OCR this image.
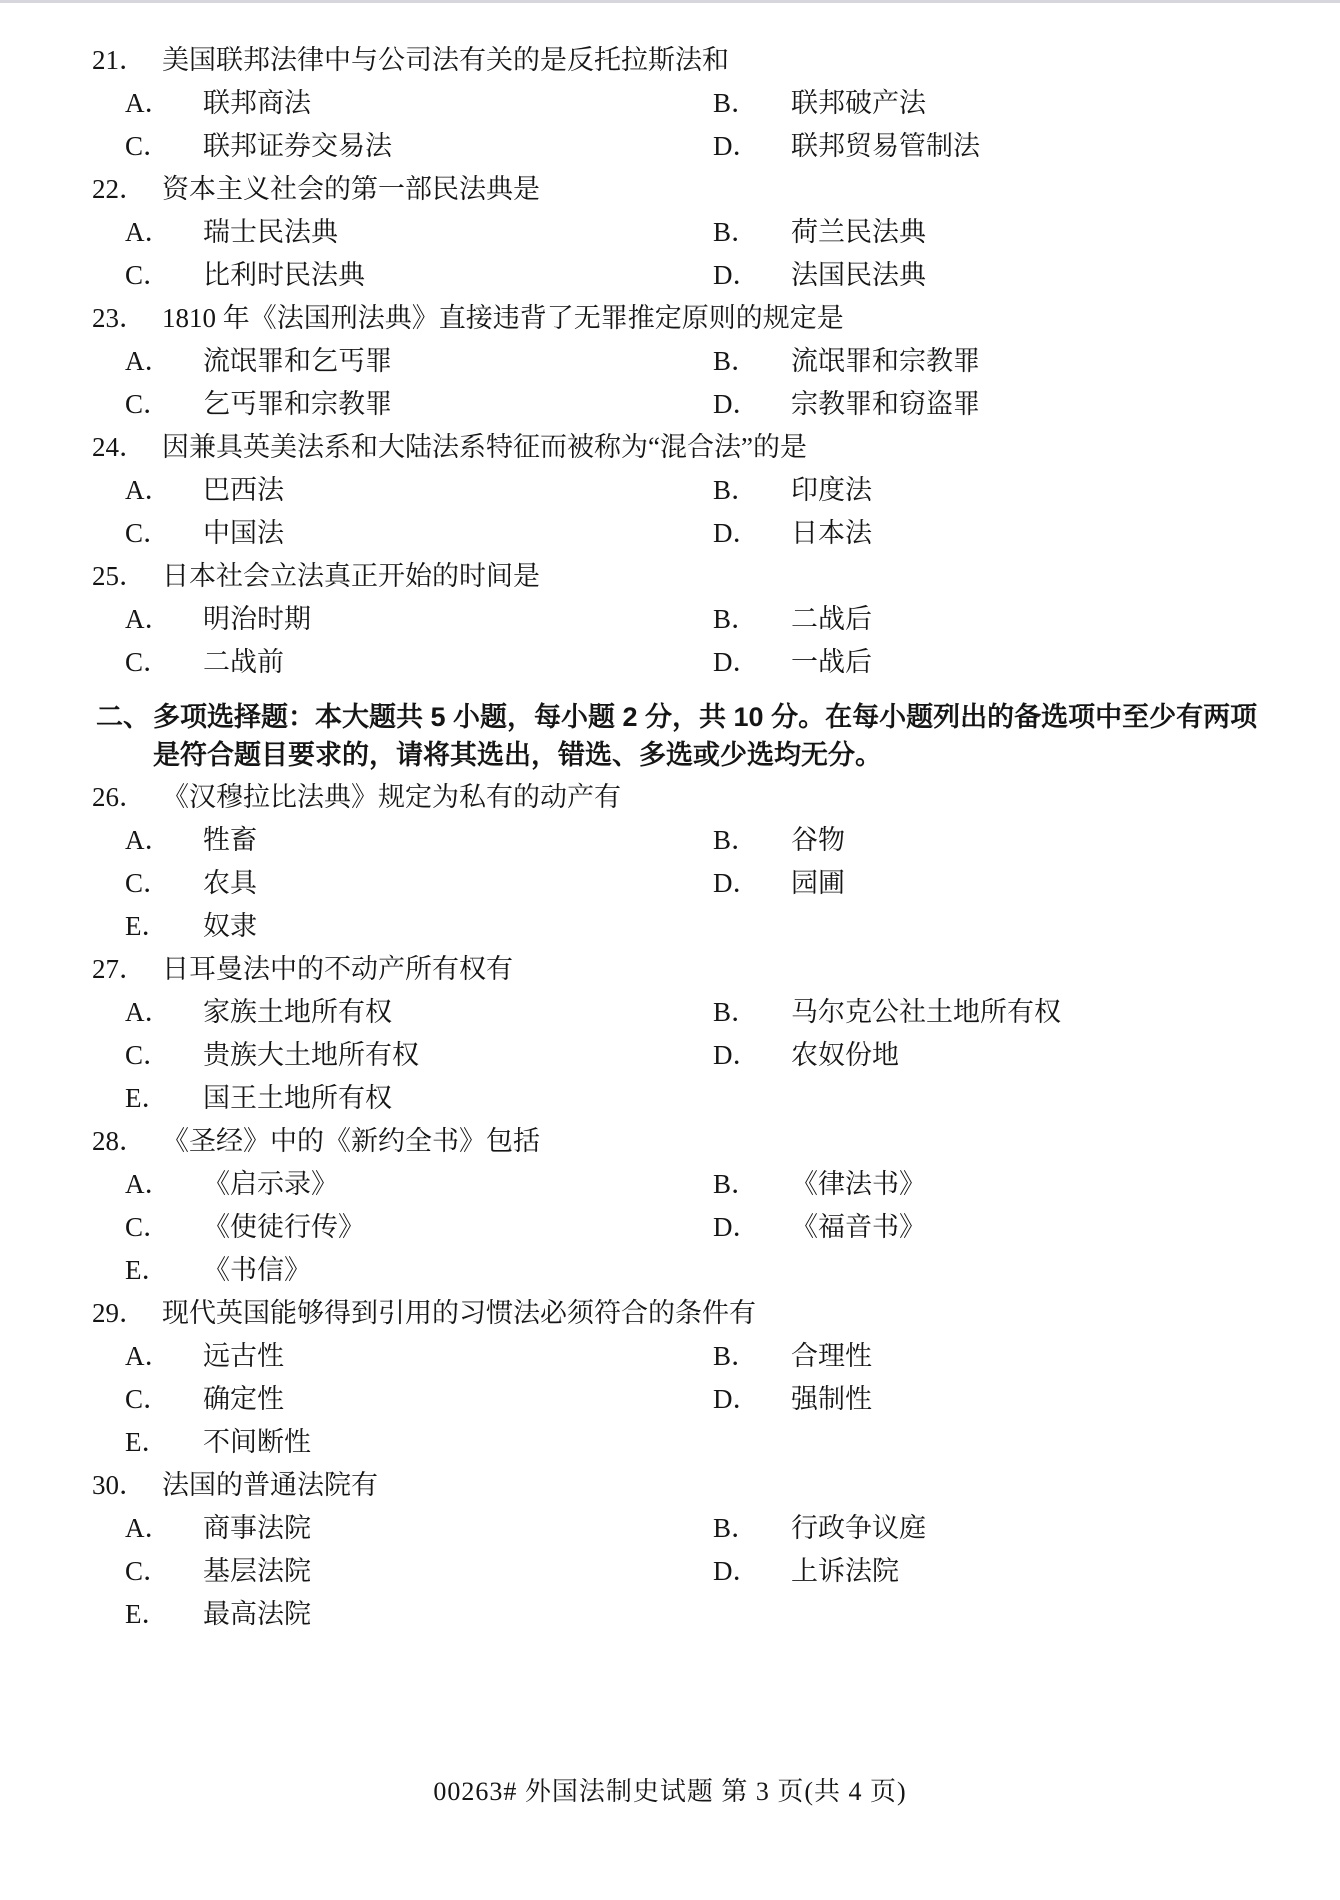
21． 美国联邦法律中与公司法有关的是反托拉斯法和
A．	联邦商法	B．	联邦破产法
C．	联邦证券交易法	D．	联邦贸易管制法
22． 资本主义社会的第一部民法典是
A．	瑞士民法典	B．	荷兰民法典
C．	比利时民法典	D．	法国民法典
23． 1810 年《法国刑法典》直接违背了无罪推定原则的规定是
A．	流氓罪和乞丐罪	B．	流氓罪和宗教罪
C．	乞丐罪和宗教罪	D．	宗教罪和窃盗罪
24． 因兼具英美法系和大陆法系特征而被称为“混合法”的是
A．	巴西法	B．	印度法
C．	中国法	D．	日本法
25． 日本社会立法真正开始的时间是
A．	明治时期	B．	二战后
C．	二战前	D．	一战后
二、 多项选择题：本大题共 5 小题，每小题 2 分，共 10 分。在每小题列出的备选项中至少有两项是符合题目要求的，请将其选出，错选、多选或少选均无分。
26． 《汉穆拉比法典》规定为私有的动产有
A．	牲畜	B．	谷物
C．	农具	D．	园圃
E．	奴隶
27． 日耳曼法中的不动产所有权有
A．	家族土地所有权	B．	马尔克公社土地所有权
C．	贵族大土地所有权	D．	农奴份地
E．	国王土地所有权
28． 《圣经》中的《新约全书》包括
A．	《启示录》	B．	《律法书》
C．	《使徒行传》	D．	《福音书》
E．	《书信》
29． 现代英国能够得到引用的习惯法必须符合的条件有
A．	远古性	B．	合理性
C．	确定性	D．	强制性
E．	不间断性
30． 法国的普通法院有
A．	商事法院	B．	行政争议庭
C．	基层法院	D．	上诉法院
E．	最高法院
00263# 外国法制史试题 第 3 页(共 4 页)
